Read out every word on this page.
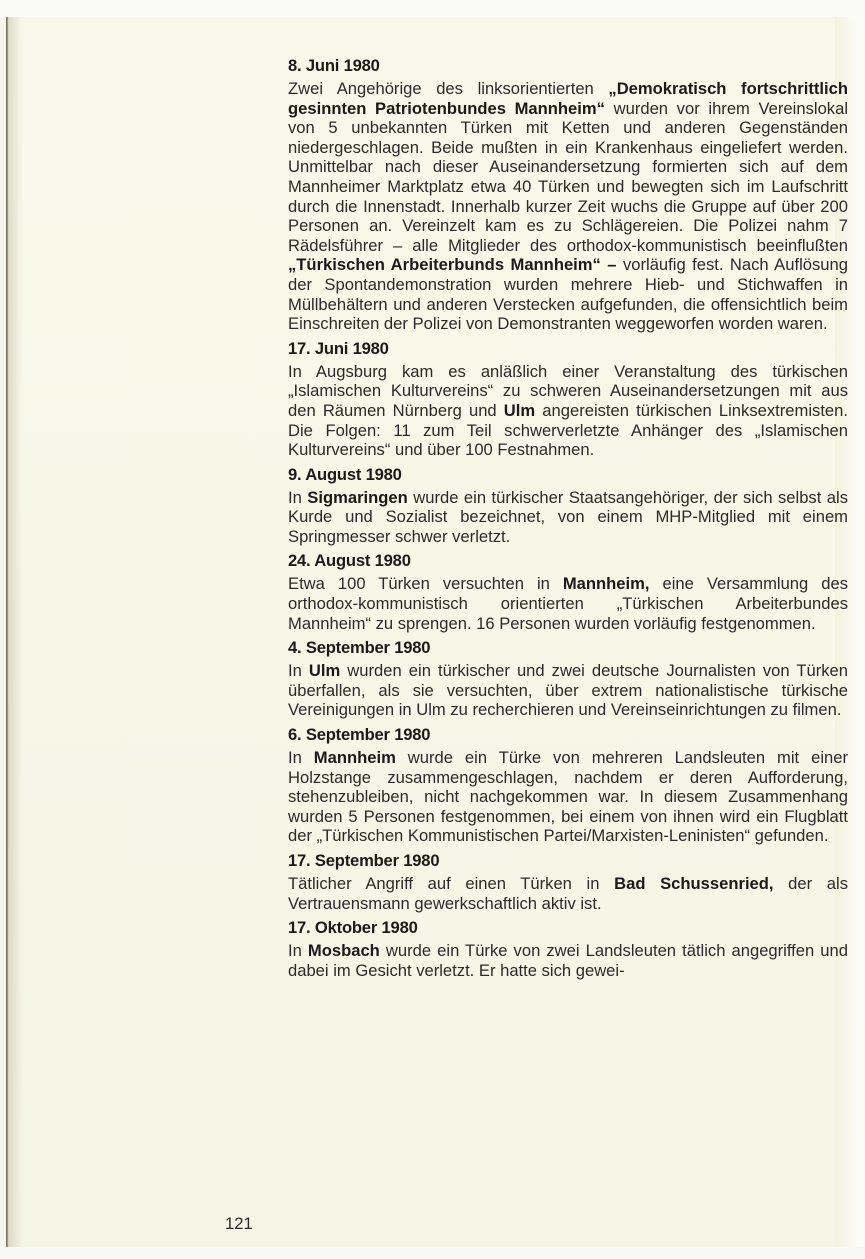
8. Juni 1980

Zwei Angehörige des linksorientierten „Demokratisch fortschrittlich gesinnten Patriotenbundes Mannheim“ wurden vor ihrem Vereinslokal von 5 unbekannten Türken mit Ketten und anderen Gegenständen niedergeschlagen. Beide mußten in ein Krankenhaus eingeliefert werden. Unmittelbar nach dieser Auseinandersetzung formierten sich auf dem Mannheimer Marktplatz etwa 40 Türken und bewegten sich im Laufschritt durch die Innenstadt. Innerhalb kurzer Zeit wuchs die Gruppe auf über 200 Personen an. Vereinzelt kam es zu Schlägereien. Die Polizei nahm 7 Rädelsführer – alle Mitglieder des orthodox-kommunistisch beeinflußten „Türkischen Arbeiterbunds Mannheim“ – vorläufig fest. Nach Auflösung der Spontandemonstration wurden mehrere Hieb- und Stichwaffen in Müllbehältern und anderen Verstecken aufgefunden, die offensichtlich beim Einschreiten der Polizei von Demonstranten weggeworfen worden waren.

17. Juni 1980

In Augsburg kam es anläßlich einer Veranstaltung des türkischen „Islamischen Kulturvereins“ zu schweren Auseinandersetzungen mit aus den Räumen Nürnberg und Ulm angereisten türkischen Linksextremisten. Die Folgen: 11 zum Teil schwerverletzte Anhänger des „Islamischen Kulturvereins“ und über 100 Festnahmen.

9. August 1980

In Sigmaringen wurde ein türkischer Staatsangehöriger, der sich selbst als Kurde und Sozialist bezeichnet, von einem MHP-Mitglied mit einem Springmesser schwer verletzt.

24. August 1980

Etwa 100 Türken versuchten in Mannheim, eine Versammlung des orthodox-kommunistisch orientierten „Türkischen Arbeiterbundes Mannheim“ zu sprengen. 16 Personen wurden vorläufig festgenommen.

4. September 1980

In Ulm wurden ein türkischer und zwei deutsche Journalisten von Türken überfallen, als sie versuchten, über extrem nationalistische türkische Vereinigungen in Ulm zu recherchieren und Vereinseinrichtungen zu filmen.

6. September 1980

In Mannheim wurde ein Türke von mehreren Landsleuten mit einer Holzstange zusammengeschlagen, nachdem er deren Aufforderung, stehenzubleiben, nicht nachgekommen war. In diesem Zusammenhang wurden 5 Personen festgenommen, bei einem von ihnen wird ein Flugblatt der „Türkischen Kommunistischen Partei/Marxisten-Leninisten“ gefunden.

17. September 1980

Tätlicher Angriff auf einen Türken in Bad Schussenried, der als Vertrauensmann gewerkschaftlich aktiv ist.

17. Oktober 1980

In Mosbach wurde ein Türke von zwei Landsleuten tätlich angegriffen und dabei im Gesicht verletzt. Er hatte sich gewei-

121
